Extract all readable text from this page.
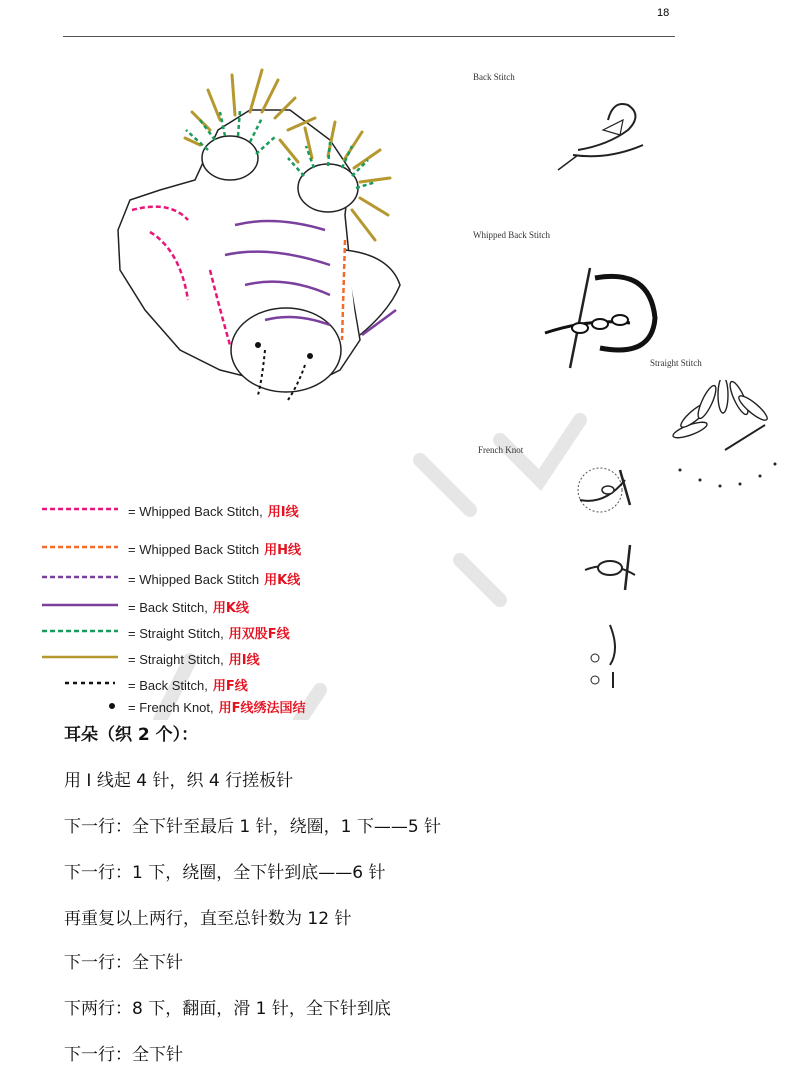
18
Back Stitch
Whipped Back Stitch
Straight Stitch
French Knot
= Whipped Back Stitch, 用I线
= Whipped Back Stitch 用H线
= Whipped Back Stitch 用K线
= Back Stitch, 用K线
= Straight Stitch, 用双股F线
= Straight Stitch, 用I线
= Back Stitch, 用F线
= French Knot, 用F线绣法国结
耳朵（织 2 个）：
用 I 线起 4 针，织 4 行搓板针
下一行：全下针至最后 1 针，绕圈，1 下——5 针
下一行：1 下，绕圈，全下针到底——6 针
再重复以上两行，直至总针数为 12 针
下一行：全下针
下两行：8 下，翻面，滑 1 针，全下针到底
下一行：全下针
